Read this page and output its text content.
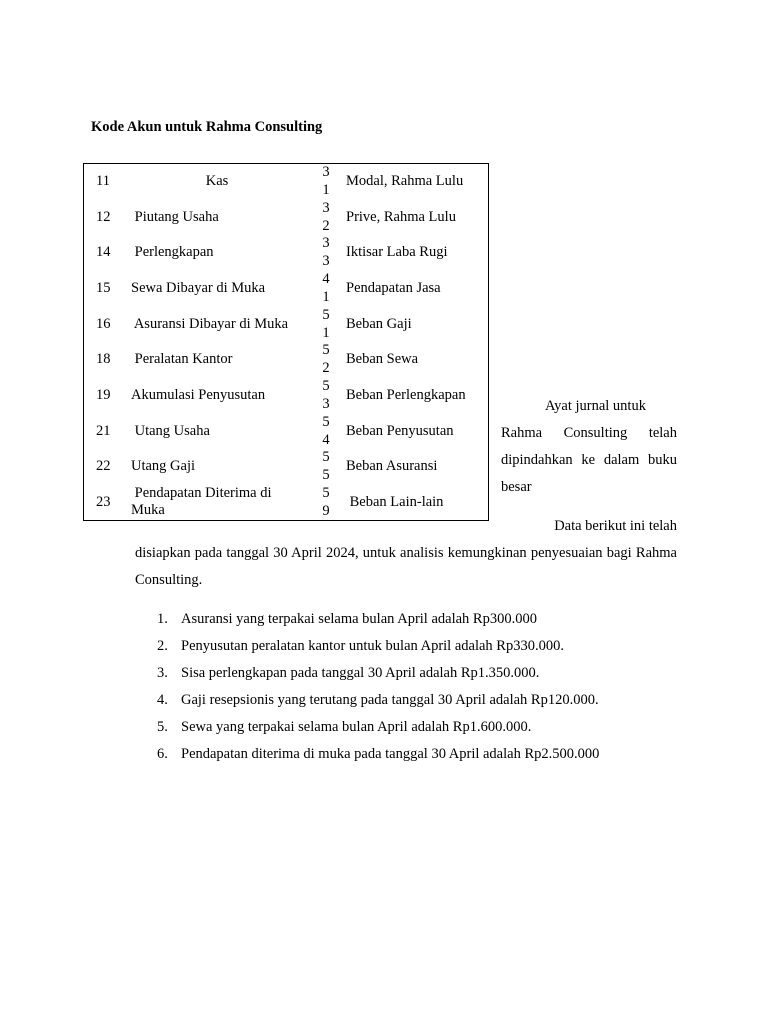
Kode Akun untuk Rahma Consulting
11	Kas
3
1
Modal, Rahma Lulu
12 Piutang Usaha
3
2
Prive, Rahma Lulu
14 Perlengkapan
3
3
Iktisar Laba Rugi
15 Sewa Dibayar di Muka
4
1
Pendapatan Jasa
16 Asuransi Dibayar di Muka
5
1
Beban Gaji
18 Peralatan Kantor
5
2
Beban Sewa
19 Akumulasi Penyusutan
5
3
Beban Perlengkapan
21 Utang Usaha
5
4
Beban Penyusutan
22 Utang Gaji
5
5
Beban Asuransi
23
Pendapatan Diterima di
Muka
5
9
Beban Lain-lain
Ayat jurnal untuk
Rahma Consulting telah dipindahkan ke dalam buku besar
Data berikut ini telah
disiapkan pada tanggal 30 April 2024, untuk analisis kemungkinan penyesuaian bagi Rahma Consulting.
1. Asuransi yang terpakai selama bulan April adalah Rp300.000
2. Penyusutan peralatan kantor untuk bulan April adalah Rp330.000.
3. Sisa perlengkapan pada tanggal 30 April adalah Rp1.350.000.
4. Gaji resepsionis yang terutang pada tanggal 30 April adalah Rp120.000.
5. Sewa yang terpakai selama bulan April adalah Rp1.600.000.
6. Pendapatan diterima di muka pada tanggal 30 April adalah Rp2.500.000
